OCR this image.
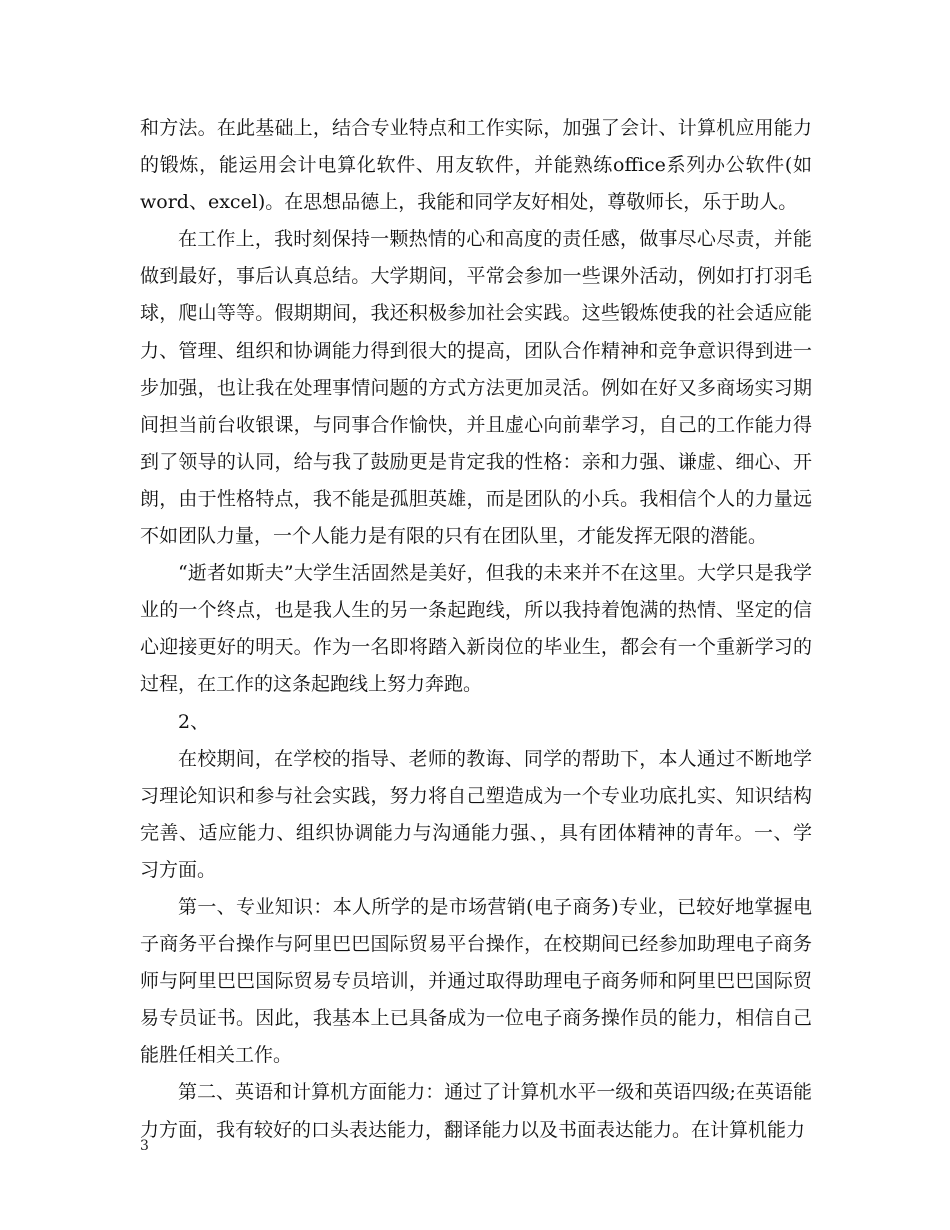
和方法。在此基础上，结合专业特点和工作实际，加强了会计、计算机应用能力的锻炼，能运用会计电算化软件、用友软件，并能熟练office系列办公软件(如word、excel)。在思想品德上，我能和同学友好相处，尊敬师长，乐于助人。

在工作上，我时刻保持一颗热情的心和高度的责任感，做事尽心尽责，并能做到最好，事后认真总结。大学期间，平常会参加一些课外活动，例如打打羽毛球，爬山等等。假期期间，我还积极参加社会实践。这些锻炼使我的社会适应能力、管理、组织和协调能力得到很大的提高，团队合作精神和竞争意识得到进一步加强，也让我在处理事情问题的方式方法更加灵活。例如在好又多商场实习期间担当前台收银课，与同事合作愉快，并且虚心向前辈学习，自己的工作能力得到了领导的认同，给与我了鼓励更是肯定我的性格：亲和力强、谦虚、细心、开朗，由于性格特点，我不能是孤胆英雄，而是团队的小兵。我相信个人的力量远不如团队力量，一个人能力是有限的只有在团队里，才能发挥无限的潜能。

“逝者如斯夫”大学生活固然是美好，但我的未来并不在这里。大学只是我学业的一个终点，也是我人生的另一条起跑线，所以我持着饱满的热情、坚定的信心迎接更好的明天。作为一名即将踏入新岗位的毕业生，都会有一个重新学习的过程，在工作的这条起跑线上努力奔跑。

2、

在校期间，在学校的指导、老师的教诲、同学的帮助下，本人通过不断地学习理论知识和参与社会实践，努力将自己塑造成为一个专业功底扎实、知识结构完善、适应能力、组织协调能力与沟通能力强、，具有团体精神的青年。一、学习方面。

第一、专业知识：本人所学的是市场营销(电子商务)专业，已较好地掌握电子商务平台操作与阿里巴巴国际贸易平台操作，在校期间已经参加助理电子商务师与阿里巴巴国际贸易专员培训，并通过取得助理电子商务师和阿里巴巴国际贸易专员证书。因此，我基本上已具备成为一位电子商务操作员的能力，相信自己能胜任相关工作。

第二、英语和计算机方面能力：通过了计算机水平一级和英语四级;在英语能力方面，我有较好的口头表达能力，翻译能力以及书面表达能力。在计算机能力

3
